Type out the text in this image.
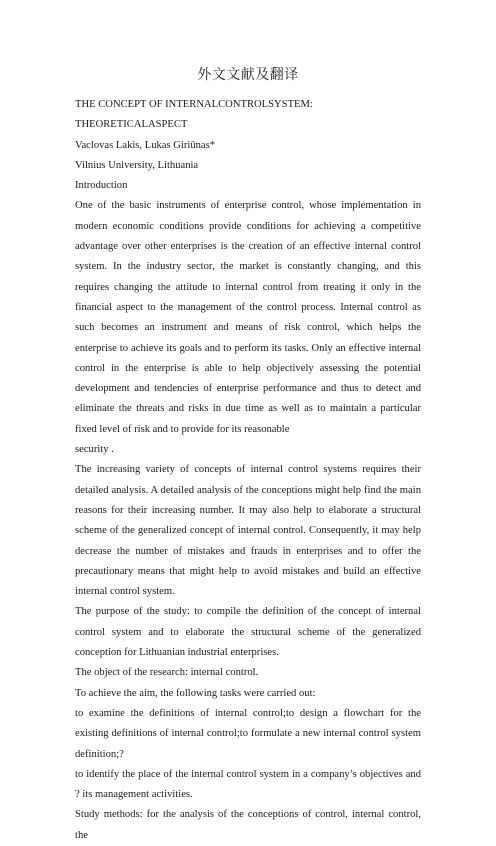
外文文献及翻译

THE CONCEPT OF INTERNALCONTROLSYSTEM:

THEORETICALASPECT

Vaclovas Lakis, Lukas Giriūnas*

Vilnius University, Lithuania

Introduction

One of the basic instruments of enterprise control, whose implementation in modern economic conditions provide conditions for achieving a competitive advantage over other enterprises is the creation of an effective internal control system. In the industry sector, the market is constantly changing, and this requires changing the attitude to internal control from treating it only in the financial aspect to the management of the control process. Internal control as such becomes an instrument and means of risk control, which helps the enterprise to achieve its goals and to perform its tasks. Only an effective internal control in the enterprise is able to help objectively assessing the potential development and tendencies of enterprise performance and thus to detect and eliminate the threats and risks in due time as well as to maintain a particular fixed level of risk and to provide for its reasonable

security .

The increasing variety of concepts of internal control systems requires their detailed analysis. A detailed analysis of the conceptions might help find the main reasons for their increasing number. It may also help to elaborate a structural scheme of the generalized concept of internal control. Consequently, it may help decrease the number of mistakes and frauds in enterprises and to offer the precautionary means that might help to avoid mistakes and build an effective internal control system.

The purpose of the study: to compile the definition of the concept of internal control system and to elaborate the structural scheme of the generalized conception for Lithuanian industrial enterprises.

The object of the research: internal control.

To achieve the aim, the following tasks were carried out:

to examine the definitions of internal control;to design a flowchart for the existing definitions of internal control;to formulate a new internal control system definition;?

to identify the place of the internal control system in a company’s objectives and ? its management activities.

Study methods: for the analysis of the conceptions of control, internal control, the
